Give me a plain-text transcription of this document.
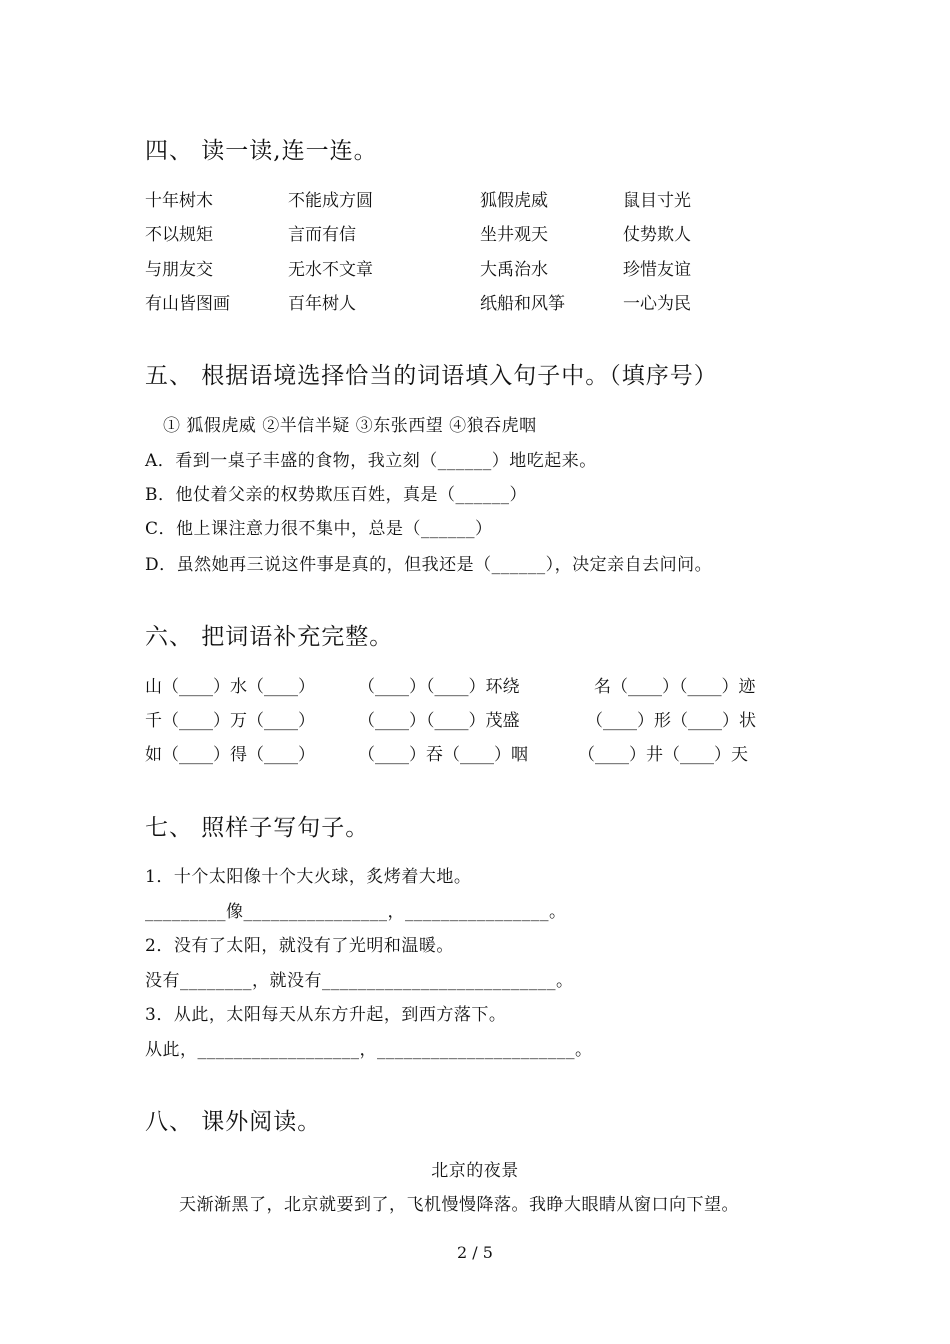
四、 读一读,连一连。
十年树木	不能成方圆	狐假虎威	鼠目寸光
不以规矩	言而有信	坐井观天	仗势欺人
与朋友交	无水不文章	大禹治水	珍惜友谊
有山皆图画	百年树人	纸船和风筝	一心为民
五、 根据语境选择恰当的词语填入句子中。（填序号）
① 狐假虎威 ②半信半疑 ③东张西望 ④狼吞虎咽
A．看到一桌子丰盛的食物，我立刻（______）地吃起来。
B．他仗着父亲的权势欺压百姓，真是（______）
C．他上课注意力很不集中，总是（______）
D．虽然她再三说这件事是真的，但我还是（______），决定亲自去问问。
六、 把词语补充完整。
山（____）水（____）	（____）（____）环绕	名（____）（____）迹
千（____）万（____）	（____）（____）茂盛	（____）形（____）状
如（____）得（____）	（____）吞（____）咽	（____）井（____）天
七、 照样子写句子。
1．十个太阳像十个大火球，炙烤着大地。
_________像________________，________________。
2．没有了太阳，就没有了光明和温暖。
没有________，就没有__________________________。
3．从此，太阳每天从东方升起，到西方落下。
从此，__________________，______________________。
八、 课外阅读。
北京的夜景
天渐渐黑了，北京就要到了，飞机慢慢降落。我睁大眼睛从窗口向下望。
2 / 5
